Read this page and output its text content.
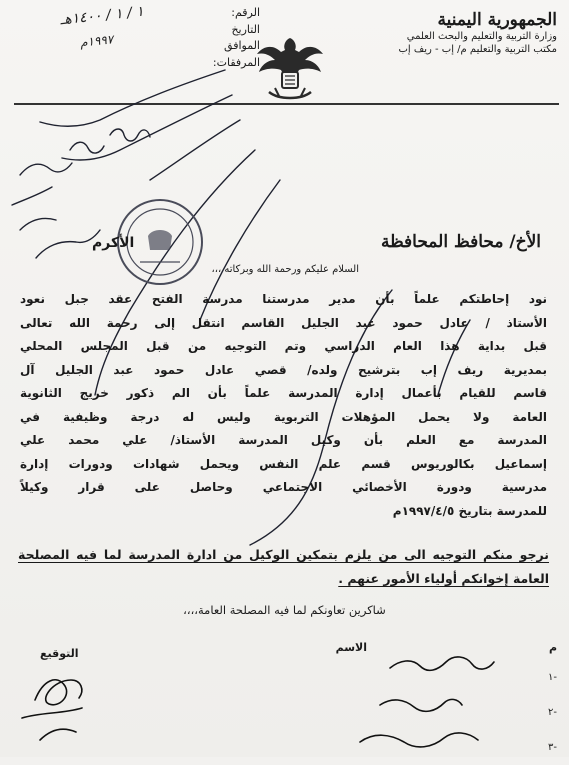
الجمهورية اليمنية
وزارة التربية والتعليم والبحث العلمي
مكتب التربية والتعليم م/ إب - ريف إب
الرقم:
التاريخ
الموافق
المرفقات:
١ / ١ / ١٤٠٠هـ
١٩٩٧م
الأخ/ محافظ المحافظة
الأكرم
السلام عليكم ورحمة الله وبركاته ،،،

نود إحاطتكم علماً بأن مدير مدرستنا مدرسة الفتح عقد جبل نعود

الأستاذ / عادل حمود عبد الجليل القاسم انتقل إلى رحمة الله تعالى

قبل بداية هذا العام الدراسي وتم التوجيه من قبل المجلس المحلي

بمديرية ريف إب بترشيح ولده/ قصي عادل حمود عبد الجليل آل

قاسم للقيام بأعمال إدارة المدرسة علماً بأن الم ذكور خريج الثانوية

العامة ولا يحمل المؤهلات التربوية وليس له درجة وظيفية في

المدرسة مع العلم بأن وكيل المدرسة الأستاذ/ علي محمد علي

إسماعيل بكالوريوس قسم علم النفس ويحمل شهادات ودورات إدارة

مدرسية ودورة الأخصائي الاجتماعي وحاصل على قرار وكيلاً

للمدرسة بتاريخ ١٩٩٧/٤/٥م

نرجو منكم التوجيه الى من يلزم بتمكين الوكيل من ادارة المدرسة لما فيه المصلحة

العامة إخوانكم أولياء الأمور عنهم .

شاكرين تعاونكم لما فيه المصلحة العامة،،،،
م
الاسم
التوقيع
١-
٢-
٣-
